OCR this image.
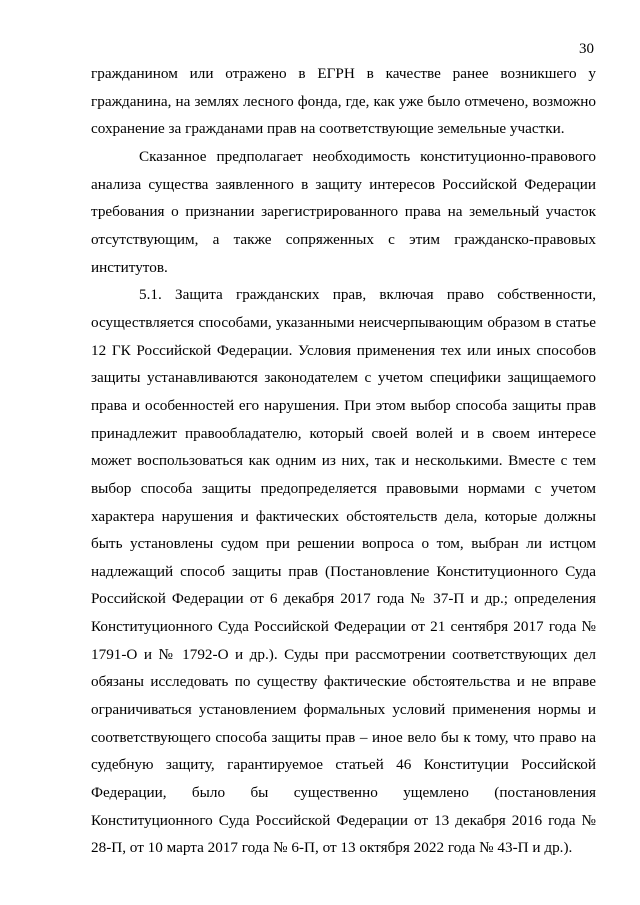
30

гражданином или отражено в ЕГРН в качестве ранее возникшего у гражданина, на землях лесного фонда, где, как уже было отмечено, возможно сохранение за гражданами прав на соответствующие земельные участки.

Сказанное предполагает необходимость конституционно-правового анализа существа заявленного в защиту интересов Российской Федерации требования о признании зарегистрированного права на земельный участок отсутствующим, а также сопряженных с этим гражданско-правовых институтов.

5.1. Защита гражданских прав, включая право собственности, осуществляется способами, указанными неисчерпывающим образом в статье 12 ГК Российской Федерации. Условия применения тех или иных способов защиты устанавливаются законодателем с учетом специфики защищаемого права и особенностей его нарушения. При этом выбор способа защиты прав принадлежит правообладателю, который своей волей и в своем интересе может воспользоваться как одним из них, так и несколькими. Вместе с тем выбор способа защиты предопределяется правовыми нормами с учетом характера нарушения и фактических обстоятельств дела, которые должны быть установлены судом при решении вопроса о том, выбран ли истцом надлежащий способ защиты прав (Постановление Конституционного Суда Российской Федерации от 6 декабря 2017 года № 37-П и др.; определения Конституционного Суда Российской Федерации от 21 сентября 2017 года № 1791-О и № 1792-О и др.). Суды при рассмотрении соответствующих дел обязаны исследовать по существу фактические обстоятельства и не вправе ограничиваться установлением формальных условий применения нормы и соответствующего способа защиты прав – иное вело бы к тому, что право на судебную защиту, гарантируемое статьей 46 Конституции Российской Федерации, было бы существенно ущемлено (постановления Конституционного Суда Российской Федерации от 13 декабря 2016 года № 28-П, от 10 марта 2017 года № 6-П, от 13 октября 2022 года № 43-П и др.).
